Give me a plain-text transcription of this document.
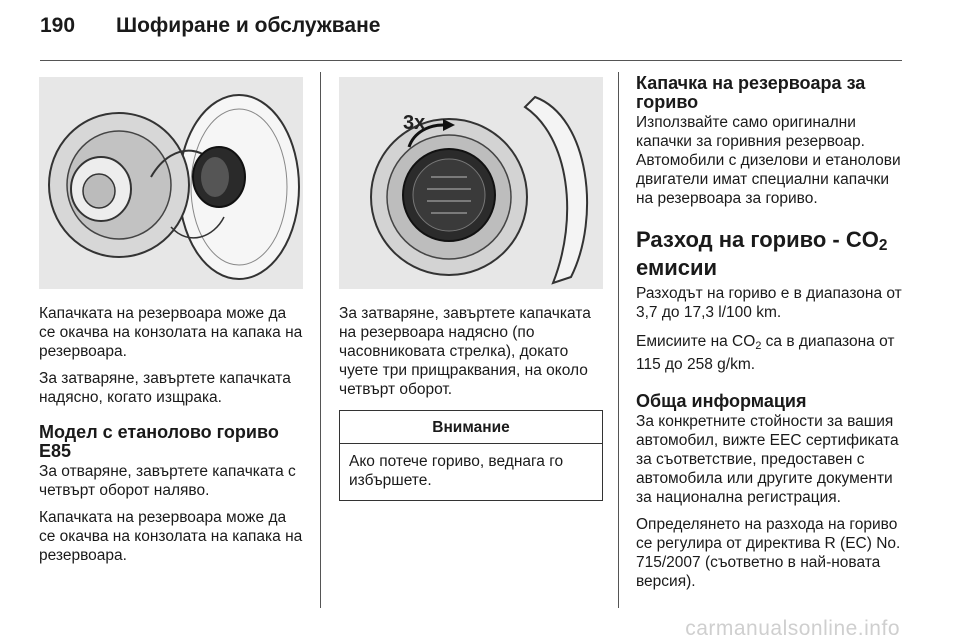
190	Шофиране и обслужване

Капачката на резервоара може да се окачва на конзолата на капака на резервоара.

За затваряне, завъртете капачката надясно, когато изщрака.

Модел с етанолово гориво E85

За отваряне, завъртете капачката с четвърт оборот наляво.

Капачката на резервоара може да се окачва на конзолата на капака на резервоара.

3x

За затваряне, завъртете капачката на резервоара надясно (по часовниковата стрелка), докато чуете три прищраквания, на около четвърт оборот.

Внимание
Ако потече гориво, веднага го избършете.
Капачка на резервоара за гориво

Използвайте само оригинални капачки за горивния резервоар. Автомобили с дизелови и етанолови двигатели имат специални капачки на резервоара за гориво.

Разход на гориво - $CO_2$
емисии

Разходът на гориво е в диапазона от 3,7 до 17,3 l/100 km.

Емисиите на $CO_2$ са в диапазона от 115 до 258 g/km.

Обща информация

За конкретните стойности за вашия автомобил, вижте EEC сертификата за съответствие, предоставен с автомобила или другите документи за национална регистрация.

Определянето на разхода на гориво се регулира от директива R (EC) No. 715/2007 (съответно в най-новата версия).

carmanualsonline.info
